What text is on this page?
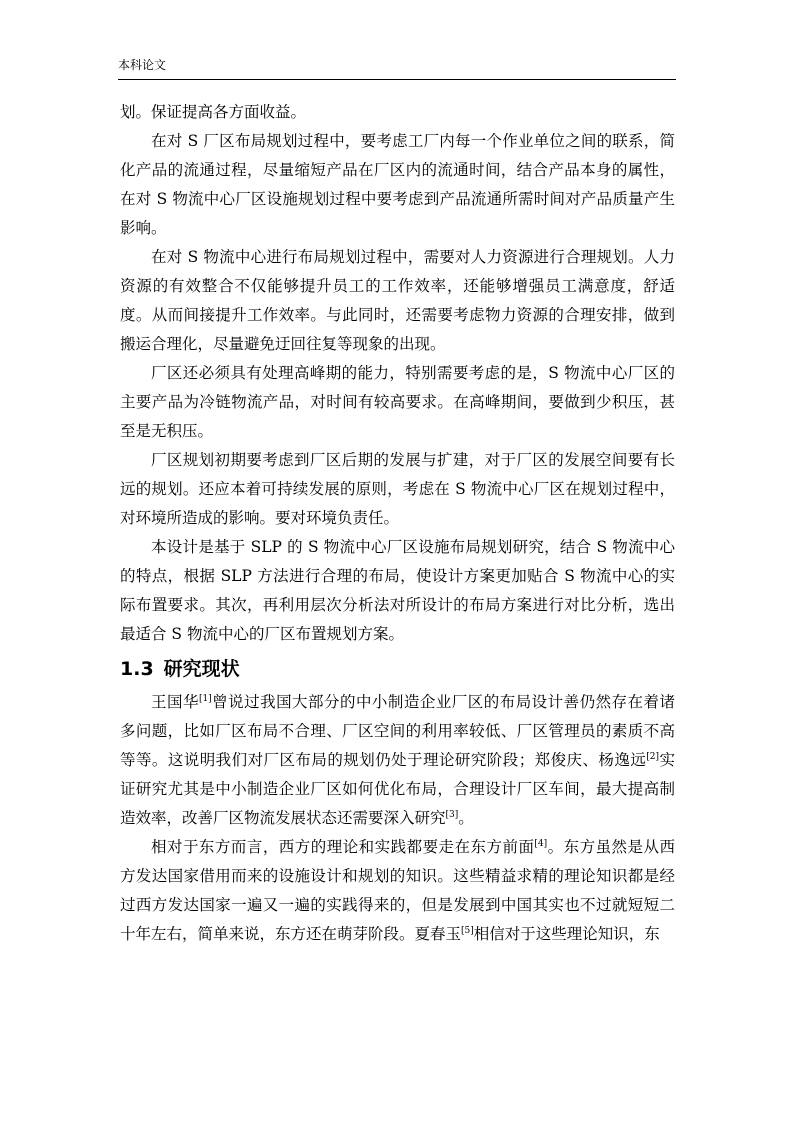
本科论文

划。保证提高各方面收益。

在对 S 厂区布局规划过程中，要考虑工厂内每一个作业单位之间的联系，简化产品的流通过程，尽量缩短产品在厂区内的流通时间，结合产品本身的属性，在对 S 物流中心厂区设施规划过程中要考虑到产品流通所需时间对产品质量产生影响。

在对 S 物流中心进行布局规划过程中，需要对人力资源进行合理规划。人力资源的有效整合不仅能够提升员工的工作效率，还能够增强员工满意度，舒适度。从而间接提升工作效率。与此同时，还需要考虑物力资源的合理安排，做到搬运合理化，尽量避免迂回往复等现象的出现。

厂区还必须具有处理高峰期的能力，特别需要考虑的是，S 物流中心厂区的主要产品为冷链物流产品，对时间有较高要求。在高峰期间，要做到少积压，甚至是无积压。

厂区规划初期要考虑到厂区后期的发展与扩建，对于厂区的发展空间要有长远的规划。还应本着可持续发展的原则，考虑在 S 物流中心厂区在规划过程中，对环境所造成的影响。要对环境负责任。

本设计是基于 SLP 的 S 物流中心厂区设施布局规划研究，结合 S 物流中心的特点，根据 SLP 方法进行合理的布局，使设计方案更加贴合 S 物流中心的实际布置要求。其次，再利用层次分析法对所设计的布局方案进行对比分析，选出最适合 S 物流中心的厂区布置规划方案。

1.3 研究现状

王国华[1]曾说过我国大部分的中小制造企业厂区的布局设计善仍然存在着诸多问题，比如厂区布局不合理、厂区空间的利用率较低、厂区管理员的素质不高等等。这说明我们对厂区布局的规划仍处于理论研究阶段；郑俊庆、杨逸远[2]实证研究尤其是中小制造企业厂区如何优化布局，合理设计厂区车间，最大提高制造效率，改善厂区物流发展状态还需要深入研究[3]。

相对于东方而言，西方的理论和实践都要走在东方前面[4]。东方虽然是从西方发达国家借用而来的设施设计和规划的知识。这些精益求精的理论知识都是经过西方发达国家一遍又一遍的实践得来的，但是发展到中国其实也不过就短短二十年左右，简单来说，东方还在萌芽阶段。夏春玉[5]相信对于这些理论知识，东
